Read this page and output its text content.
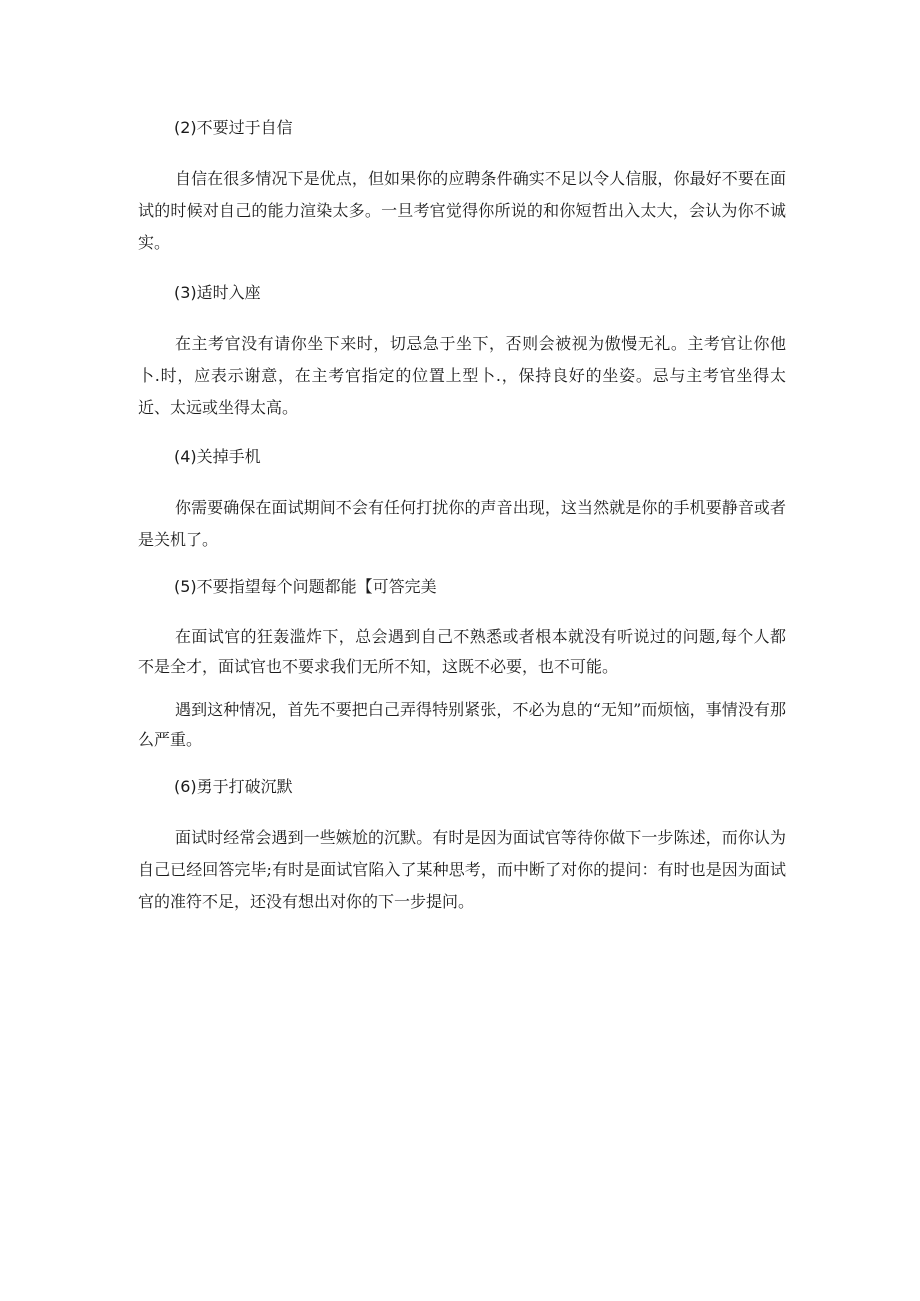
(2)不要过于自信
自信在很多情况下是优点，但如果你的应聘条件确实不足以令人信服，你最好不要在面试的时候对自己的能力渲染太多。一旦考官觉得你所说的和你短哲出入太大，会认为你不诚实。
(3)适时入座
在主考官没有请你坐下来时，切忌急于坐下，否则会被视为傲慢无礼。主考官让你他卜.时，应表示谢意，在主考官指定的位置上型卜.，保持良好的坐姿。忌与主考官坐得太近、太远或坐得太高。
(4)关掉手机
你需要确保在面试期间不会有任何打扰你的声音出现，这当然就是你的手机要静音或者是关机了。
(5)不要指望每个问题都能【可答完美
在面试官的狂轰滥炸下，总会遇到自己不熟悉或者根本就没有听说过的问题,每个人都不是全才，面试官也不要求我们无所不知，这既不必要，也不可能。
遇到这种情况，首先不要把白己弄得特别紧张，不必为息的“无知”而烦恼，事情没有那么严重。
(6)勇于打破沉默
面试时经常会遇到一些嫉尬的沉默。有时是因为面试官等待你做下一步陈述，而你认为自己已经回答完毕;有时是面试官陷入了某种思考，而中断了对你的提问：有时也是因为面试官的准符不足，还没有想出对你的下一步提问。
